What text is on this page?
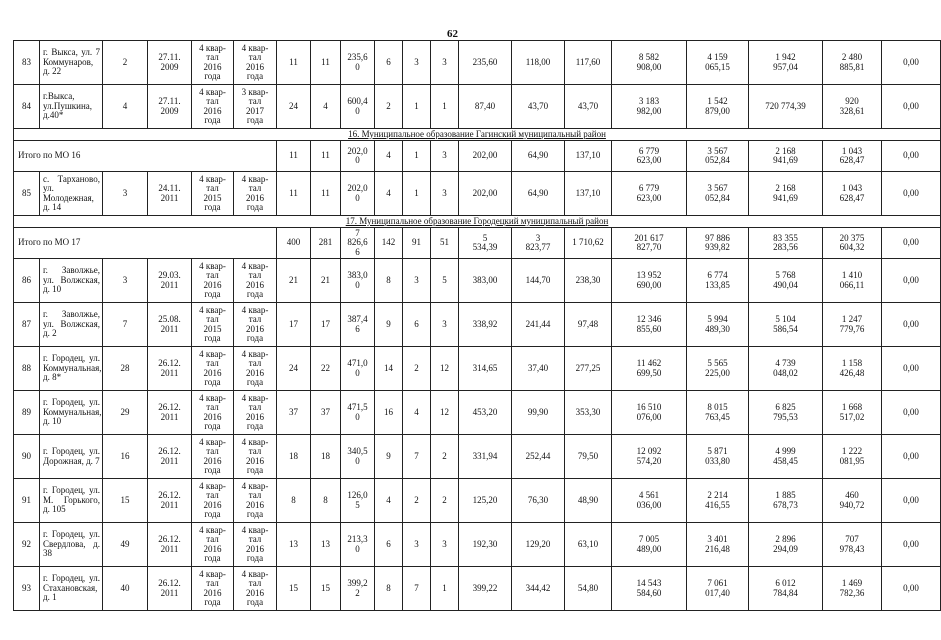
62
83	г. Выкса, ул. 7 Коммунаров, д. 22	2	27.11.
2009	4 квар-
тал
2016
года	4 квар-
тал
2016
года	11	11	235,6
0	6	3	3	235,60	118,00	117,60	8 582
908,00	4 159
065,15	1 942
957,04	2 480
885,81	0,00
84	г.Выкса, ул.Пушкина, д.40*	4	27.11.
2009	4 квар-
тал
2016
года	3 квар-
тал
2017
года	24	4	600,4
0	2	1	1	87,40	43,70	43,70	3 183
982,00	1 542
879,00	720 774,39	920
328,61	0,00
16. Муниципальное образование Гагинский муниципальный район																			
Итого по МО 16						11	11	202,0
0	4	1	3	202,00	64,90	137,10	6 779
623,00	3 567
052,84	2 168
941,69	1 043
628,47	0,00
85	с. Тарханово, ул. Молодежная, д. 14	3	24.11.
2011	4 квар-
тал
2015
года	4 квар-
тал
2016
года	11	11	202,0
0	4	1	3	202,00	64,90	137,10	6 779
623,00	3 567
052,84	2 168
941,69	1 043
628,47	0,00
17. Муниципальное образование Городецкий муниципальный район																			
Итого по МО 17						400	281	7
826,6
6	142	91	51	5
534,39	3
823,77	1 710,62	201 617
827,70	97 886
939,82	83 355
283,56	20 375
604,32	0,00
86	г. Заволжье, ул. Волжская, д. 10	3	29.03.
2011	4 квар-
тал
2016
года	4 квар-
тал
2016
года	21	21	383,0
0	8	3	5	383,00	144,70	238,30	13 952
690,00	6 774
133,85	5 768
490,04	1 410
066,11	0,00
87	г. Заволжье, ул. Волжская, д. 2	7	25.08.
2011	4 квар-
тал
2015
года	4 квар-
тал
2016
года	17	17	387,4
6	9	6	3	338,92	241,44	97,48	12 346
855,60	5 994
489,30	5 104
586,54	1 247
779,76	0,00
88	г. Городец, ул. Коммунальная, д. 8*	28	26.12.
2011	4 квар-
тал
2016
года	4 квар-
тал
2016
года	24	22	471,0
0	14	2	12	314,65	37,40	277,25	11 462
699,50	5 565
225,00	4 739
048,02	1 158
426,48	0,00
89	г. Городец, ул. Коммунальная, д. 10	29	26.12.
2011	4 квар-
тал
2016
года	4 квар-
тал
2016
года	37	37	471,5
0	16	4	12	453,20	99,90	353,30	16 510
076,00	8 015
763,45	6 825
795,53	1 668
517,02	0,00
90	г. Городец, ул. Дорожная, д. 7	16	26.12.
2011	4 квар-
тал
2016
года	4 квар-
тал
2016
года	18	18	340,5
0	9	7	2	331,94	252,44	79,50	12 092
574,20	5 871
033,80	4 999
458,45	1 222
081,95	0,00
91	г. Городец, ул. М. Горького, д. 105	15	26.12.
2011	4 квар-
тал
2016
года	4 квар-
тал
2016
года	8	8	126,0
5	4	2	2	125,20	76,30	48,90	4 561
036,00	2 214
416,55	1 885
678,73	460
940,72	0,00
92	г. Городец, ул. Свердлова, д. 38	49	26.12.
2011	4 квар-
тал
2016
года	4 квар-
тал
2016
года	13	13	213,3
0	6	3	3	192,30	129,20	63,10	7 005
489,00	3 401
216,48	2 896
294,09	707
978,43	0,00
93	г. Городец, ул. Стахановская, д. 1	40	26.12.
2011	4 квар-
тал
2016
года	4 квар-
тал
2016
года	15	15	399,2
2	8	7	1	399,22	344,42	54,80	14 543
584,60	7 061
017,40	6 012
784,84	1 469
782,36	0,00
